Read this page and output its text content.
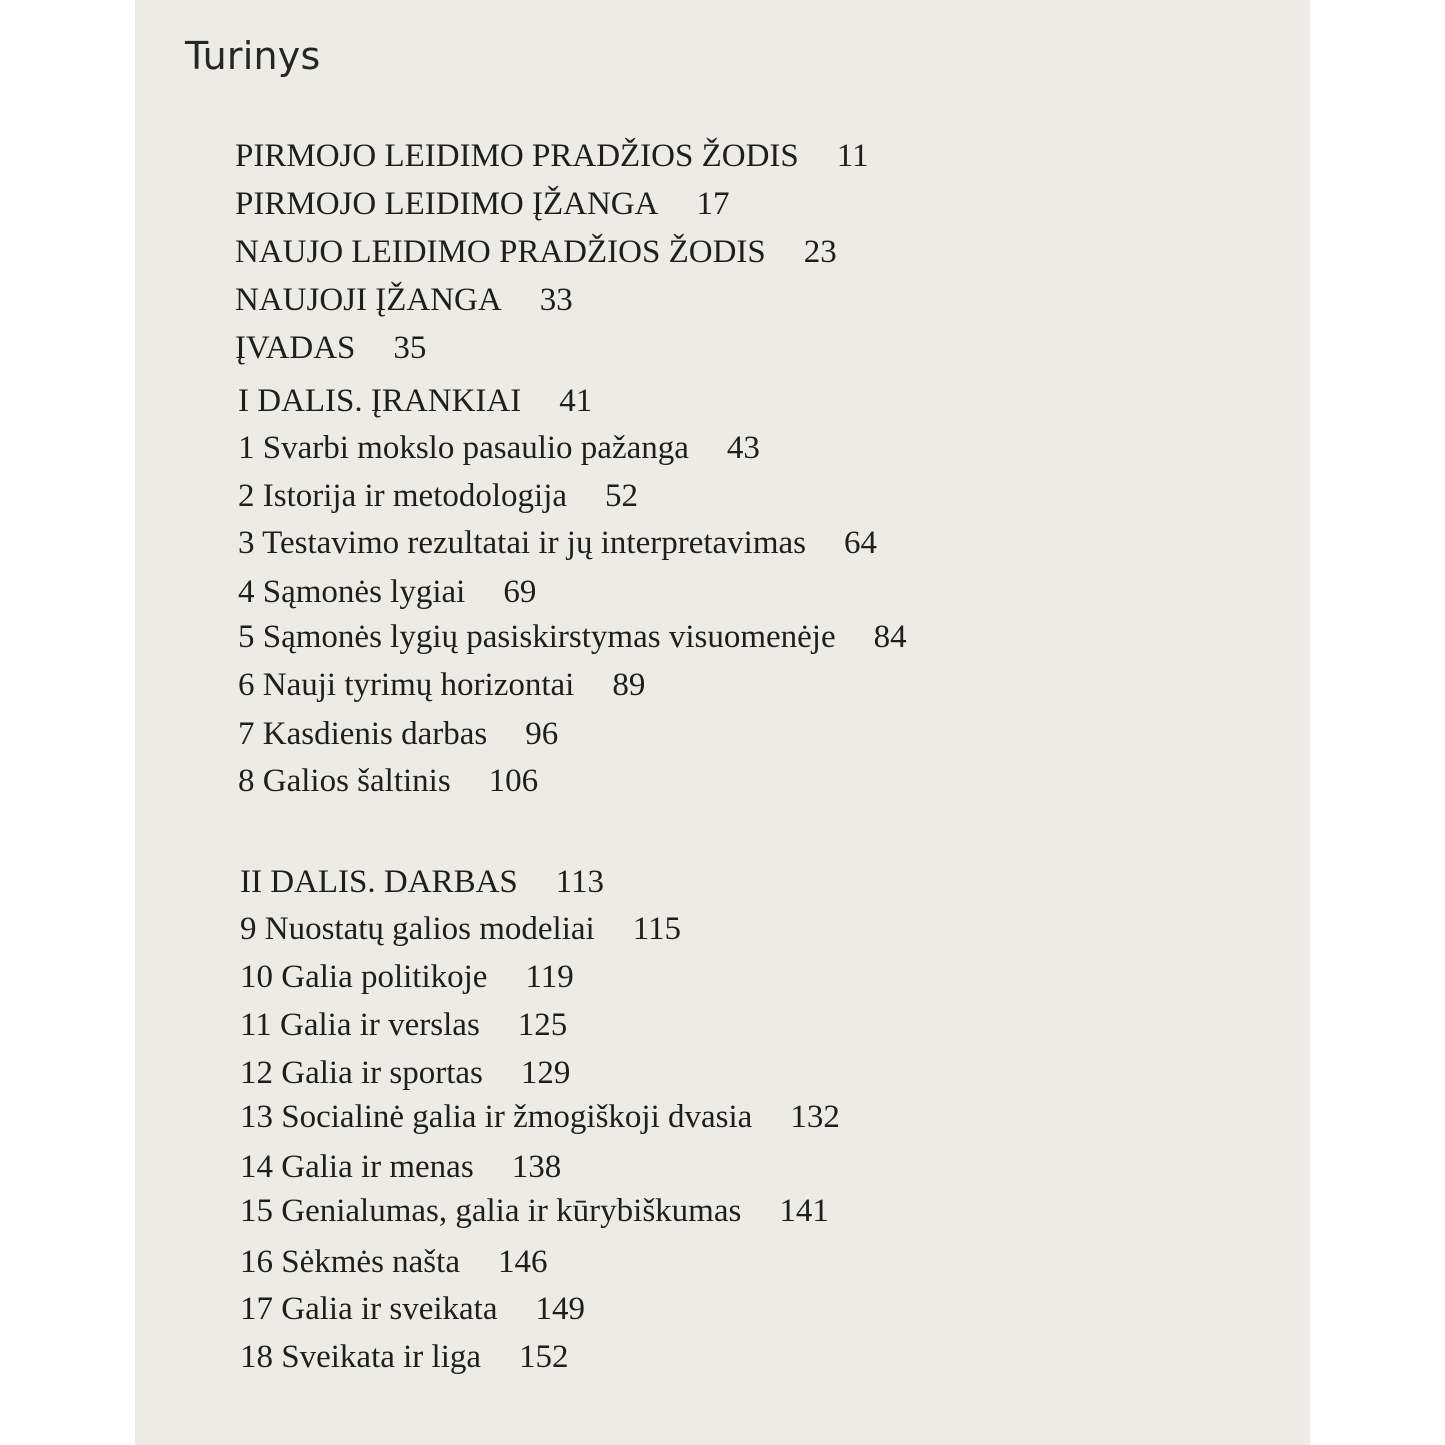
Turinys
PIRMOJO LEIDIMO PRADŽIOS ŽODIS 11
PIRMOJO LEIDIMO ĮŽANGA 17
NAUJO LEIDIMO PRADŽIOS ŽODIS 23
NAUJOJI ĮŽANGA 33
ĮVADAS 35
I DALIS. ĮRANKIAI 41
1 Svarbi mokslo pasaulio pažanga 43
2 Istorija ir metodologija 52
3 Testavimo rezultatai ir jų interpretavimas 64
4 Sąmonės lygiai 69
5 Sąmonės lygių pasiskirstymas visuomenėje 84
6 Nauji tyrimų horizontai 89
7 Kasdienis darbas 96
8 Galios šaltinis 106
II DALIS. DARBAS 113
9 Nuostatų galios modeliai 115
10 Galia politikoje 119
11 Galia ir verslas 125
12 Galia ir sportas 129
13 Socialinė galia ir žmogiškoji dvasia 132
14 Galia ir menas 138
15 Genialumas, galia ir kūrybiškumas 141
16 Sėkmės našta 146
17 Galia ir sveikata 149
18 Sveikata ir liga 152
